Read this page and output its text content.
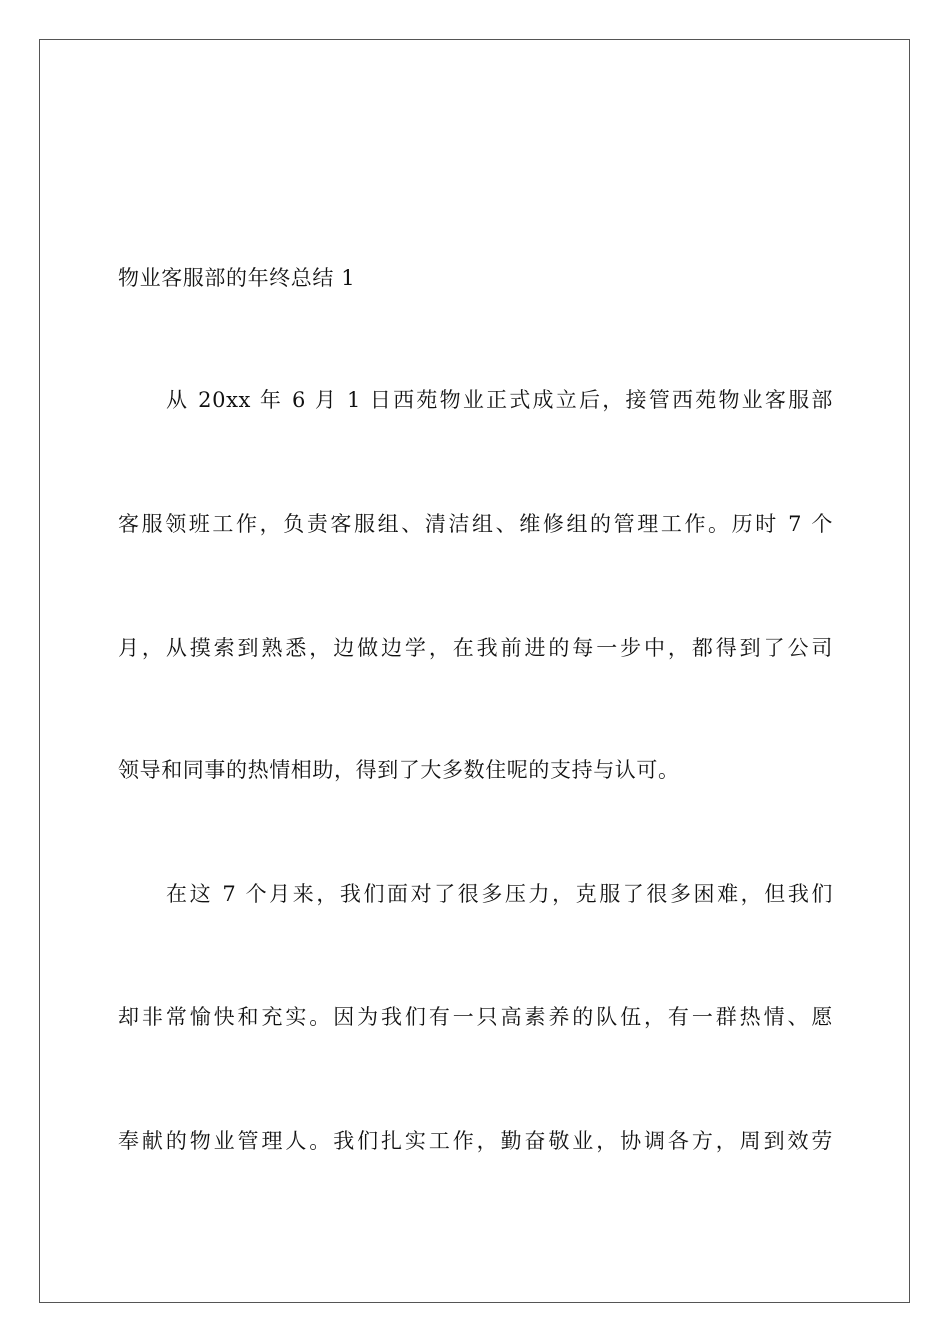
物业客服部的年终总结 1
从 20xx 年 6 月 1 日西苑物业正式成立后，接管西苑物业客服部
客服领班工作，负责客服组、清洁组、维修组的管理工作。历时 7 个
月，从摸索到熟悉，边做边学，在我前进的每一步中，都得到了公司
领导和同事的热情相助，得到了大多数住呢的支持与认可。
在这 7 个月来，我们面对了很多压力，克服了很多困难，但我们
却非常愉快和充实。因为我们有一只高素养的队伍，有一群热情、愿
奉献的物业管理人。我们扎实工作，勤奋敬业，协调各方，周到效劳
